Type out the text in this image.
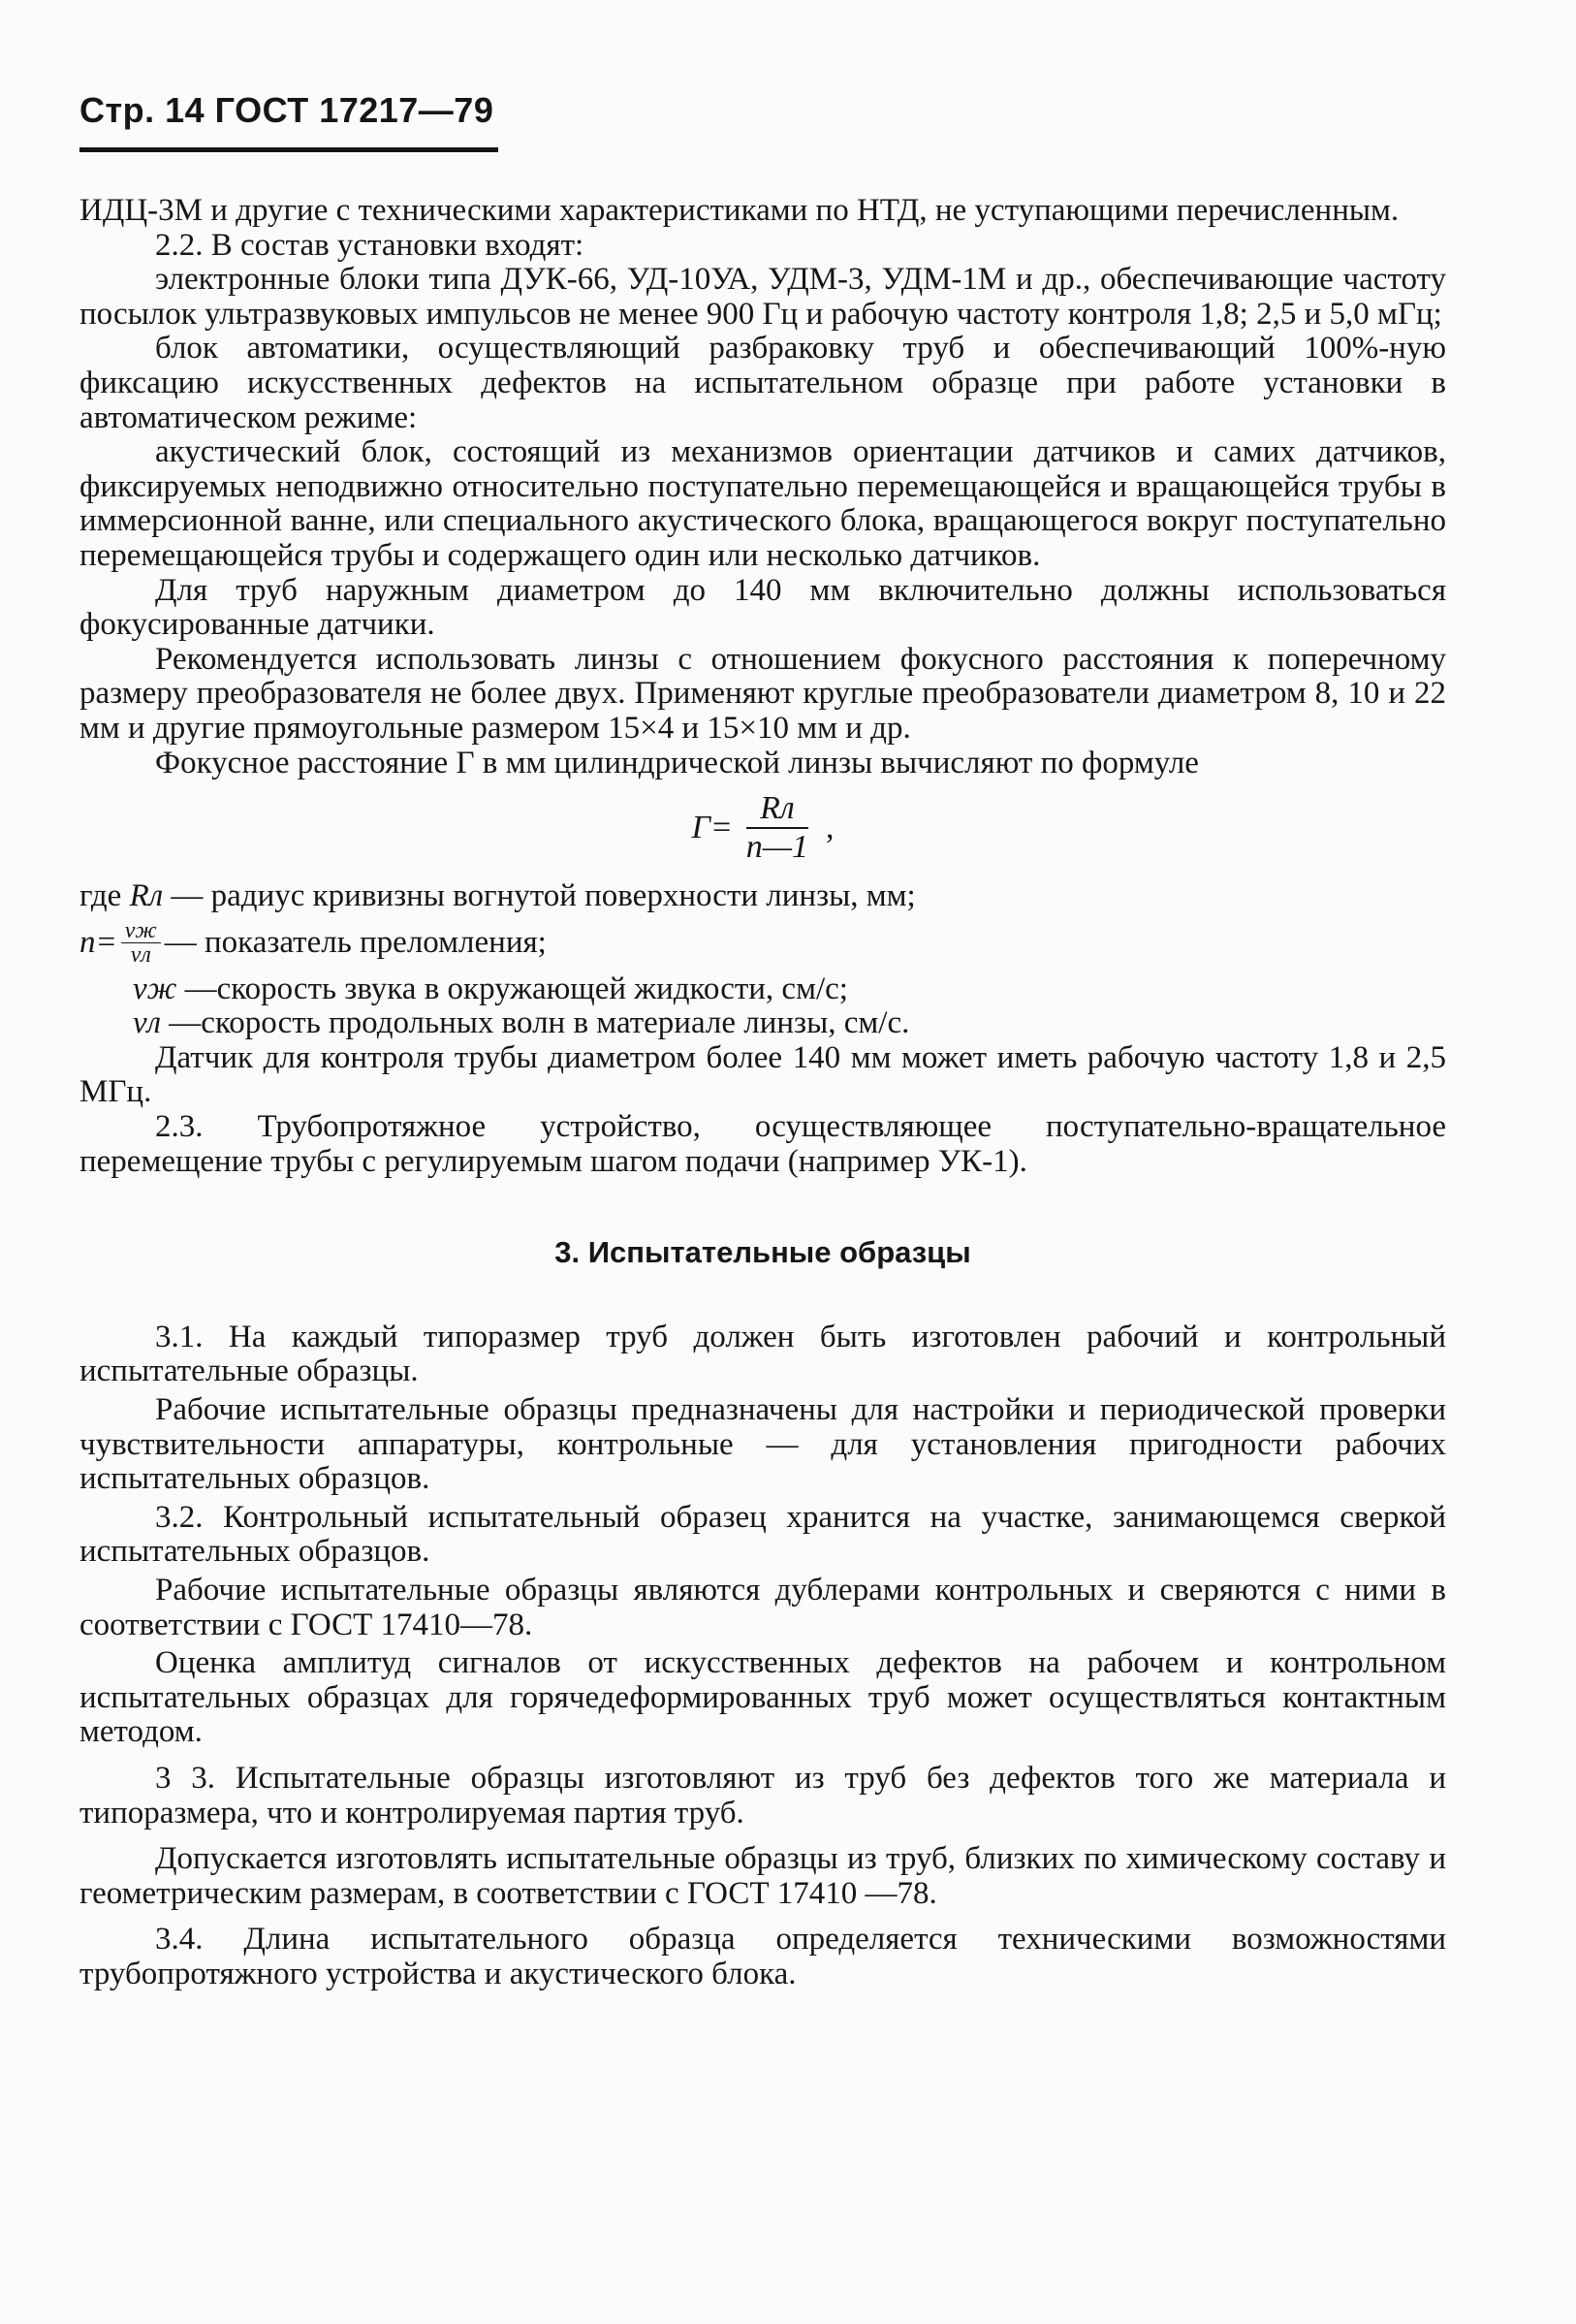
Стр. 14 ГОСТ 17217—79

ИДЦ-3М и другие с техническими характеристиками по НТД, не уступающими перечисленным.

2.2. В состав установки входят:

электронные блоки типа ДУК-66, УД-10УА, УДМ-3, УДМ-1М и др., обеспечивающие частоту посылок ультразвуковых импульсов не менее 900 Гц и рабочую частоту контроля 1,8; 2,5 и 5,0 мГц;

блок автоматики, осуществляющий разбраковку труб и обеспечивающий 100%-ную фиксацию искусственных дефектов на испытательном образце при работе установки в автоматическом режиме:

акустический блок, состоящий из механизмов ориентации датчиков и самих датчиков, фиксируемых неподвижно относительно поступательно перемещающейся и вращающейся трубы в иммерсионной ванне, или специального акустического блока, вращающегося вокруг поступательно перемещающейся трубы и содержащего один или несколько датчиков.

Для труб наружным диаметром до 140 мм включительно должны использоваться фокусированные датчики.

Рекомендуется использовать линзы с отношением фокусного расстояния к поперечному размеру преобразователя не более двух. Применяют круглые преобразователи диаметром 8, 10 и 22 мм и другие прямоугольные размером 15×4 и 15×10 мм и др.

Фокусное расстояние Г в мм цилиндрической линзы вычисляют по формуле

$Г= \frac{Rл}{n—1}$ ,
где
Rл
— радиус кривизны вогнутой поверхности линзы, мм;
$n= \frac{vж}{vл}$ — показатель преломления;
vж
—скорость звука в окружающей жидкости, см/с;
vл
—скорость продольных волн в материале линзы, см/с.

Датчик для контроля трубы диаметром более 140 мм может иметь рабочую частоту 1,8 и 2,5 МГц.

2.3. Трубопротяжное устройство, осуществляющее поступательно-вращательное перемещение трубы с регулируемым шагом подачи (например УК-1).

3. Испытательные образцы

3.1. На каждый типоразмер труб должен быть изготовлен рабочий и контрольный испытательные образцы.

Рабочие испытательные образцы предназначены для настройки и периодической проверки чувствительности аппаратуры, контрольные — для установления пригодности рабочих испытательных образцов.

3.2. Контрольный испытательный образец хранится на участке, занимающемся сверкой испытательных образцов.

Рабочие испытательные образцы являются дублерами контрольных и сверяются с ними в соответствии с ГОСТ 17410—78.

Оценка амплитуд сигналов от искусственных дефектов на рабочем и контрольном испытательных образцах для горячедеформированных труб может осуществляться контактным методом.

3 3. Испытательные образцы изготовляют из труб без дефектов того же материала и типоразмера, что и контролируемая партия труб.

Допускается изготовлять испытательные образцы из труб, близких по химическому составу и геометрическим размерам, в соответствии с ГОСТ 17410 —78.

3.4. Длина испытательного образца определяется техническими возможностями трубопротяжного устройства и акустического блока.
